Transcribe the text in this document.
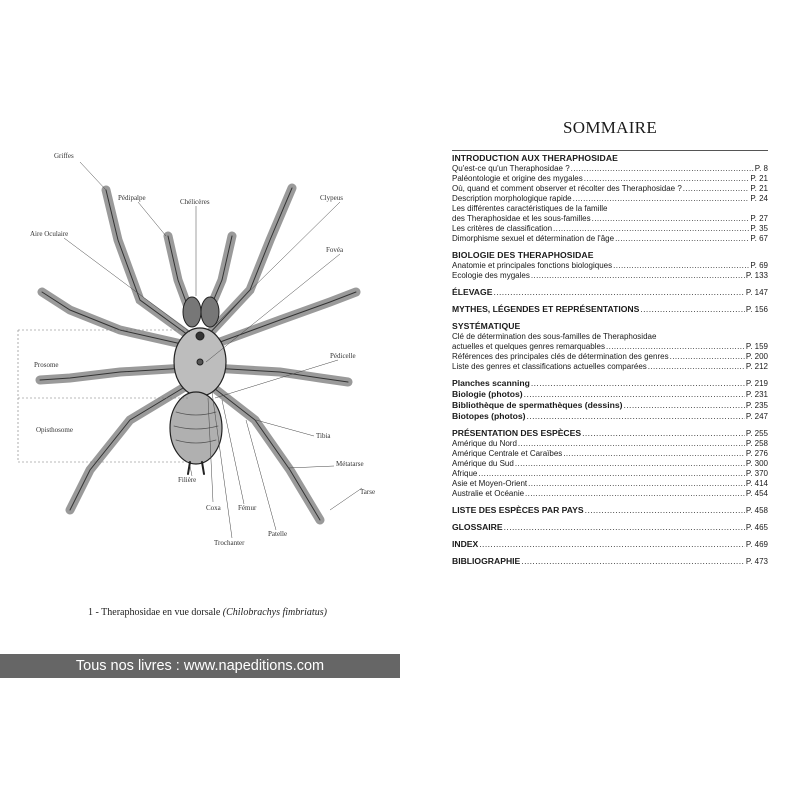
Griffes
Pédipalpe	Chélicères	Clypeus
Aire Oculaire
Fovéa
Prosome
Pédicelle
Opisthosome
Tibia
Métatarse
Filière
Tarse
Coxa Fémur
Patelle
Trochanter
1 - Theraphosidae en vue dorsale (Chilobrachys fimbriatus)
Tous nos livres : www.napeditions.com
SOMMAIRE
INTRODUCTION AUX THERAPHOSIDAE
Qu'est-ce qu'un Theraphosidae ? .....	P. 8
Paléontologie et origine des mygales .....	P. 21
Où, quand et comment observer et récolter des Theraphosidae ? .....	P. 21
Description morphologique rapide .....	P. 24
Les différentes caractéristiques de la famille
des Theraphosidae et les sous-familles .....	P. 27
Les critères de classification .....	P. 35
Dimorphisme sexuel et détermination de l'âge .....	P. 67
BIOLOGIE DES THERAPHOSIDAE
Anatomie et principales fonctions biologiques .....	P. 69
Ecologie des mygales .....	P. 133
ÉLEVAGE .....	P. 147
MYTHES, LÉGENDES ET REPRÉSENTATIONS .....	P. 156
SYSTÉMATIQUE
Clé de détermination des sous-familles de Theraphosidae
actuelles et quelques genres remarquables .....	P. 159
Références des principales clés de détermination des genres .....	P. 200
Liste des genres et classifications actuelles comparées .....	P. 212
Planches scanning .....	P. 219
Biologie (photos) .....	P. 231
Bibliothèque de spermathèques (dessins) .....	P. 235
Biotopes (photos) .....	P. 247
PRÉSENTATION DES ESPÈCES .....	P. 255
Amérique du Nord .....	P. 258
Amérique Centrale et Caraïbes .....	P. 276
Amérique du Sud .....	P. 300
Afrique .....	P. 370
Asie et Moyen-Orient .....	P. 414
Australie et Océanie .....	P. 454
LISTE DES ESPÈCES PAR PAYS .....	P. 458
GLOSSAIRE .....	P. 465
INDEX .....	P. 469
BIBLIOGRAPHIE .....	P. 473
